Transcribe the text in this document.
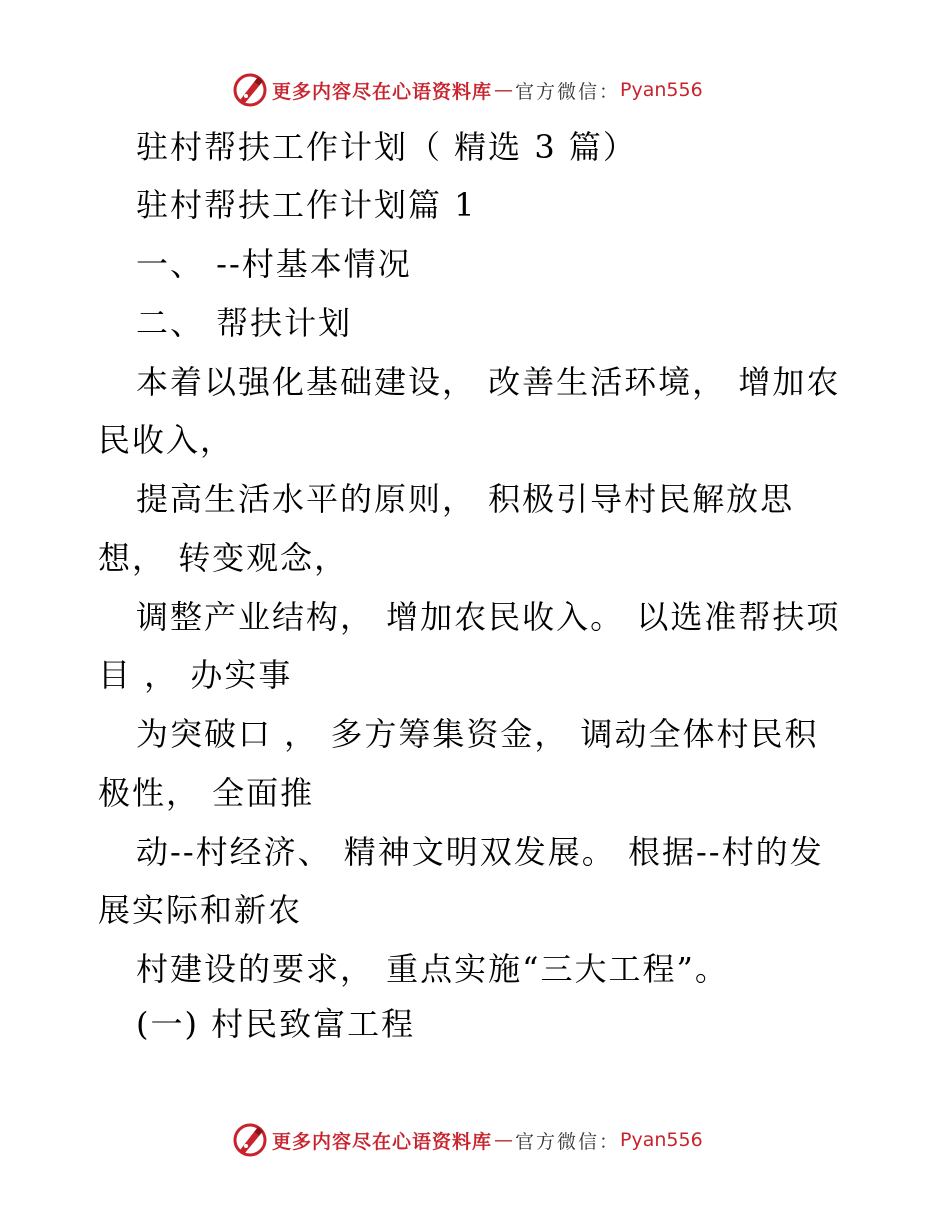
更多内容尽在心语资料库 — 官方微信： Pyan556
驻村帮扶工作计划（ 精选 3 篇）
驻村帮扶工作计划篇 1
一、 --村基本情况
二、 帮扶计划
本着以强化基础建设， 改善生活环境， 增加农
民收入，
提高生活水平的原则， 积极引导村民解放思
想， 转变观念，
调整产业结构， 增加农民收入。 以选准帮扶项
目 ， 办实事
为突破口 ， 多方筹集资金， 调动全体村民积
极性， 全面推
动--村经济、 精神文明双发展。 根据--村的发
展实际和新农
村建设的要求， 重点实施“三大工程”。
(一) 村民致富工程
更多内容尽在心语资料库 — 官方微信： Pyan556
